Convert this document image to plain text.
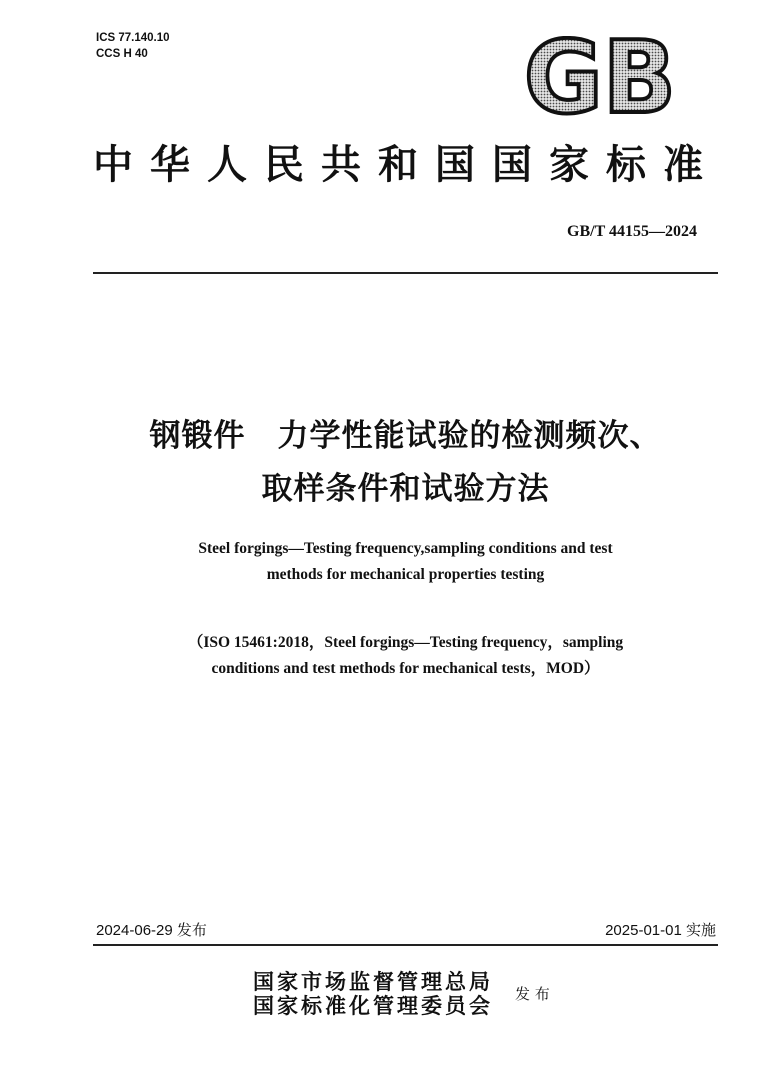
ICS 77.140.10
CCS H 40	GB
中华人民共和国国家标准
GB/T 44155—2024
钢锻件　力学性能试验的检测频次、
取样条件和试验方法
Steel forgings—Testing frequency,sampling conditions and test
methods for mechanical properties testing
（ISO 15461:2018，Steel forgings—Testing frequency，sampling
conditions and test methods for mechanical tests，MOD）
2024-06-29 发布	2025-01-01 实施
国家市场监督管理总局
国家标准化管理委员会 发 布
